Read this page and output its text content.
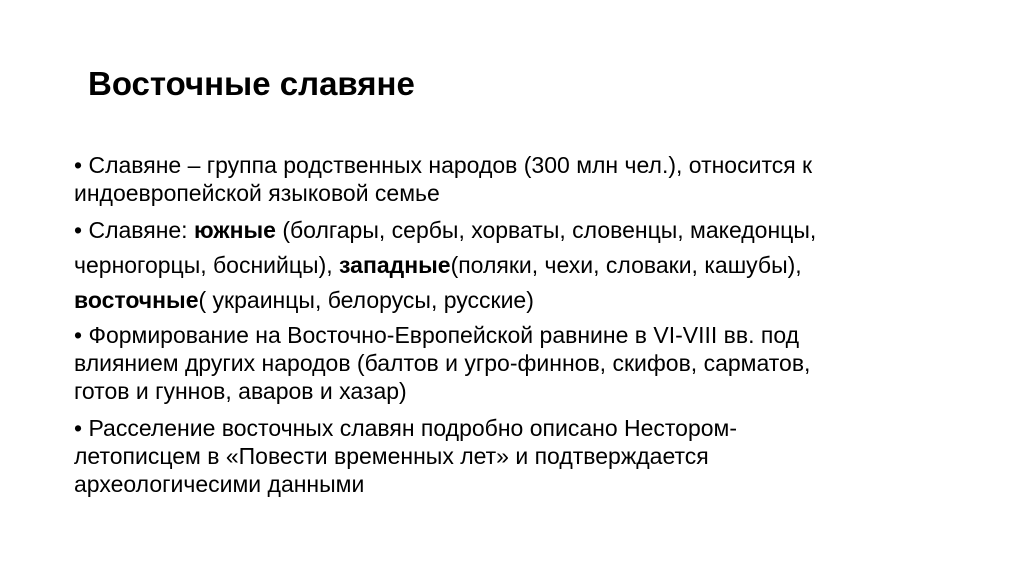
Восточные славяне

• Славяне – группа родственных народов (300 млн чел.), относится к
индоевропейской языковой семье

• Славяне: южные (болгары, сербы, хорваты, словенцы, македонцы,
черногорцы, боснийцы), западные(поляки, чехи, словаки, кашубы),
восточные( украинцы, белорусы, русские)

• Формирование на Восточно-Европейской равнине в VI-VIII вв. под
влиянием других народов (балтов и угро-финнов, скифов, сарматов,
готов и гуннов, аваров и хазар)

• Расселение восточных славян подробно описано Нестором-
летописцем в «Повести временных лет» и подтверждается
археологичесими данными
